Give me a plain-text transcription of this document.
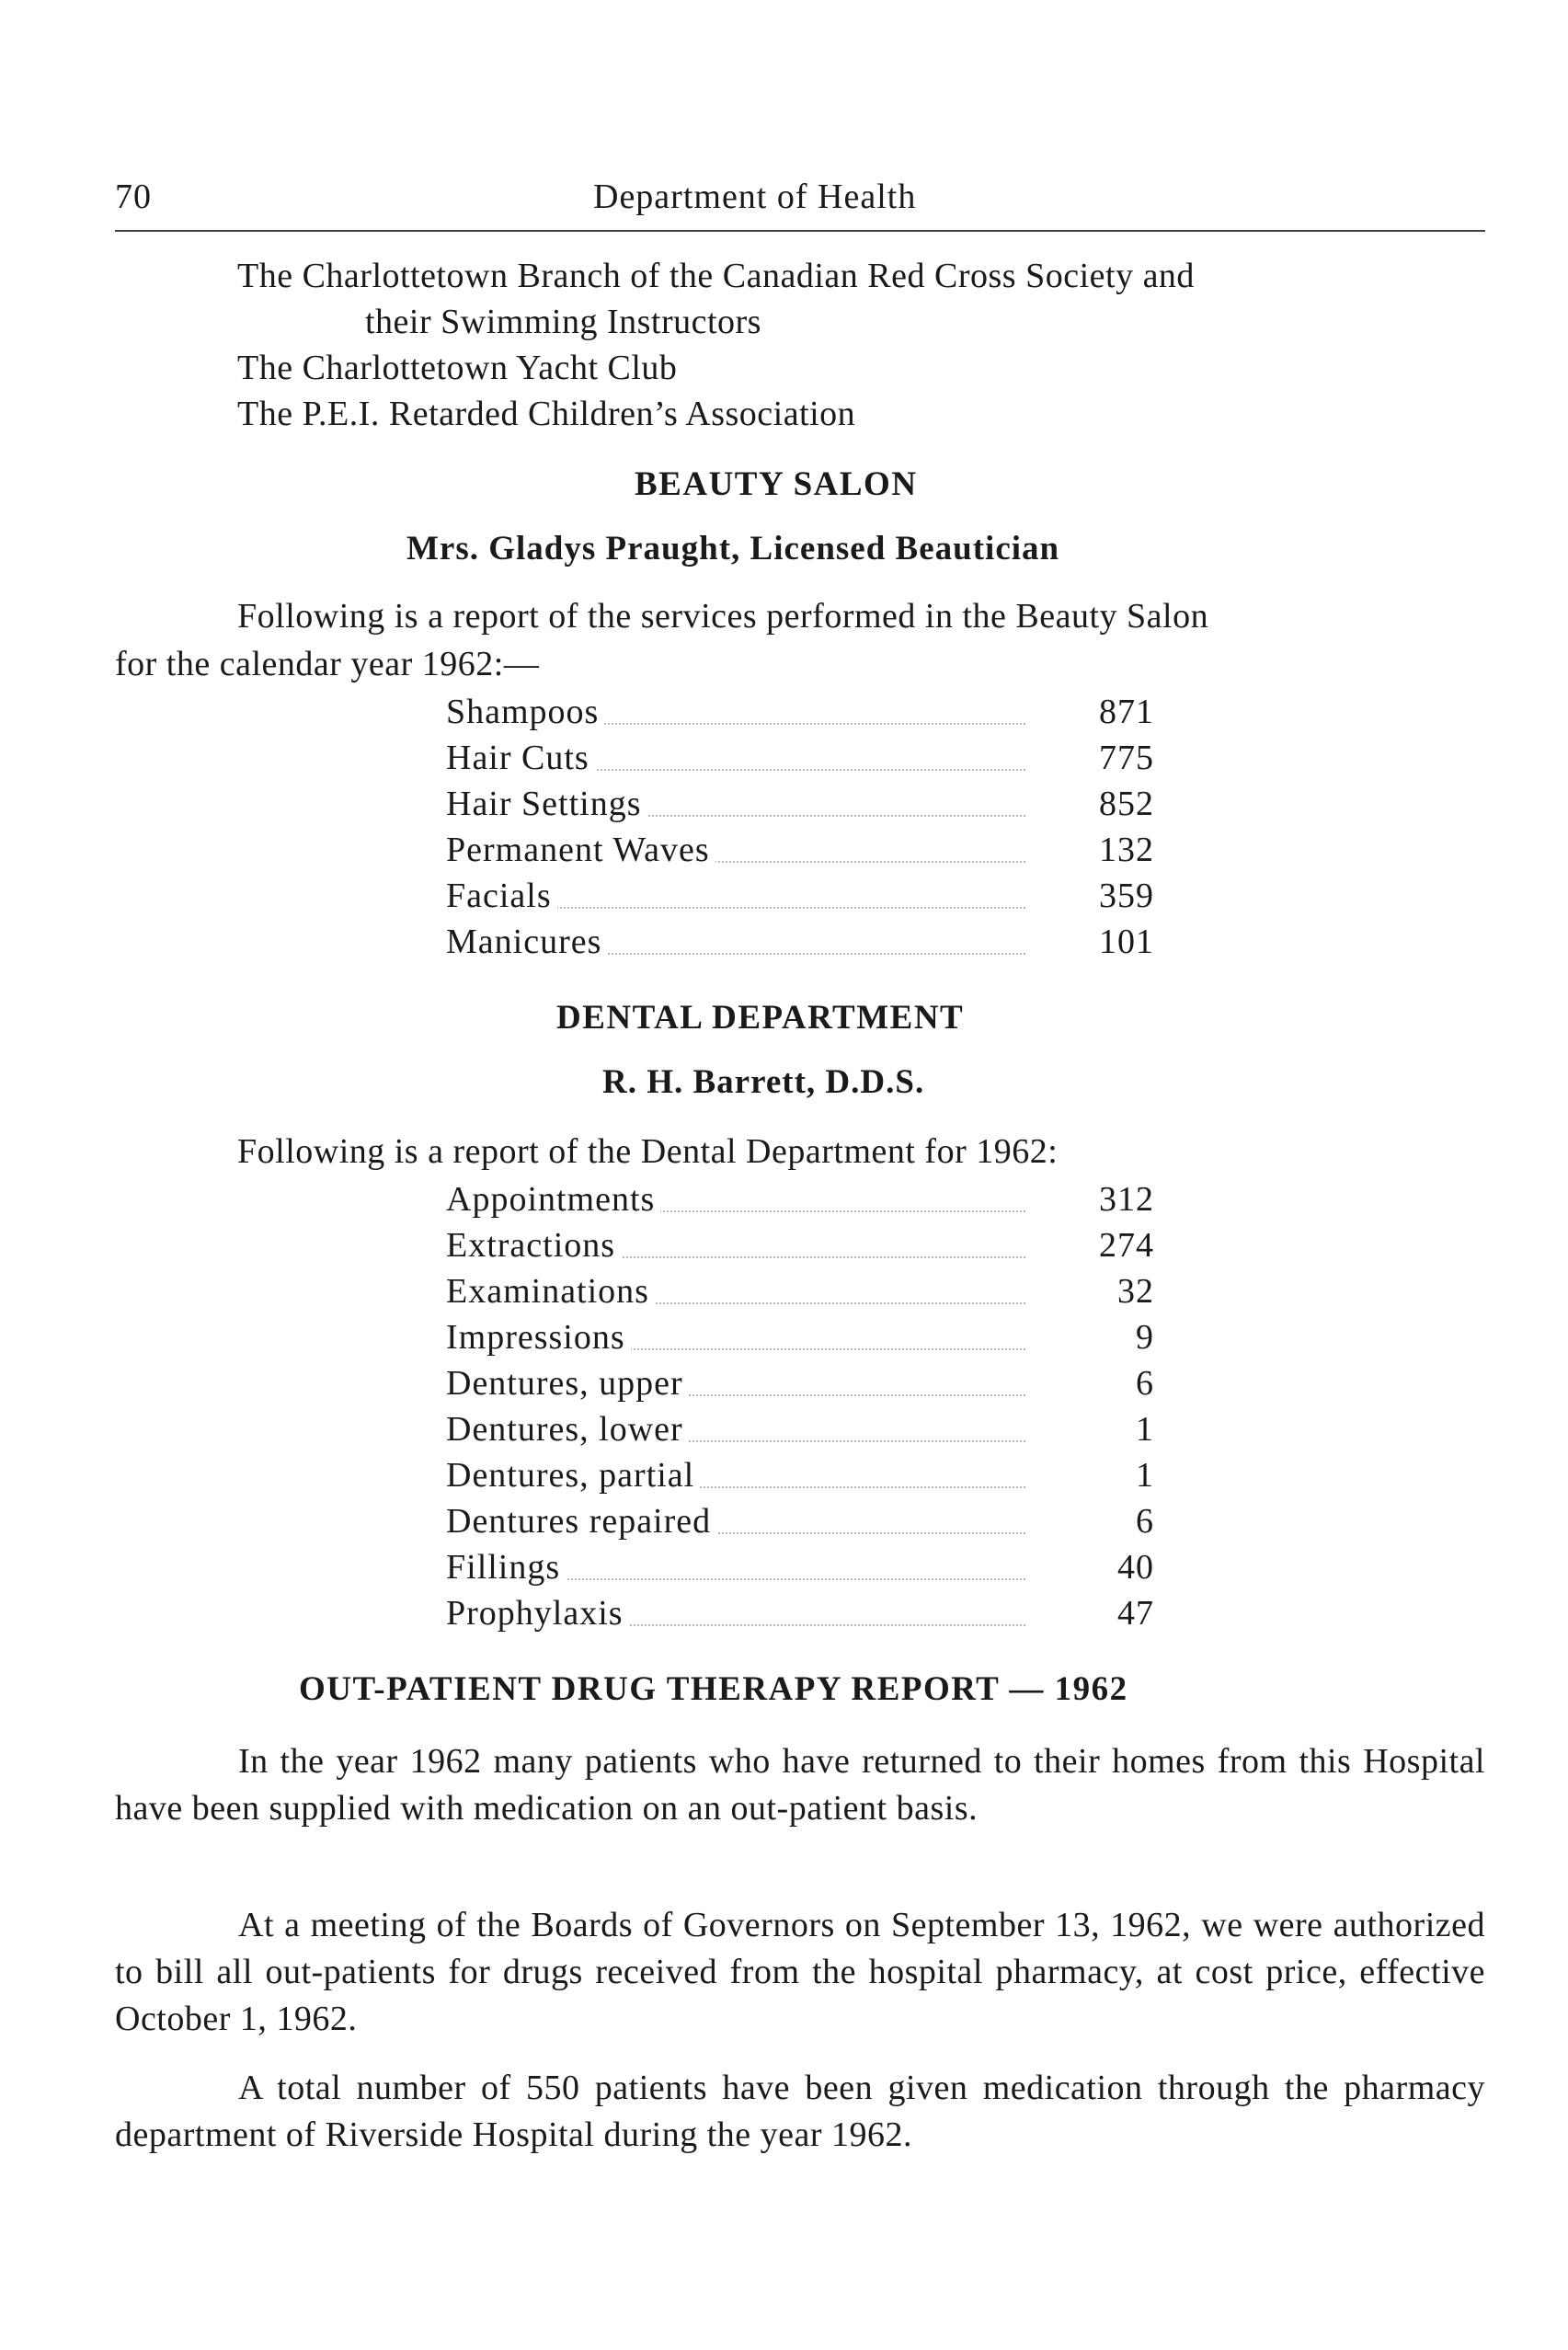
70	Department of Health
The Charlottetown Branch of the Canadian Red Cross Society and
their Swimming Instructors
The Charlottetown Yacht Club
The P.E.I. Retarded Children’s Association
BEAUTY SALON
Mrs. Gladys Praught, Licensed Beautician
Following is a report of the services performed in the Beauty Salon
for the calendar year 1962:—
Shampoos	871
Hair Cuts	775
Hair Settings	852
Permanent Waves	132
Facials	359
Manicures	101
DENTAL DEPARTMENT
R. H. Barrett, D.D.S.
Following is a report of the Dental Department for 1962:
Appointments	312
Extractions	274
Examinations	32
Impressions	9
Dentures, upper	6
Dentures, lower	1
Dentures, partial	1
Dentures repaired	6
Fillings	40
Prophylaxis	47
OUT-PATIENT DRUG THERAPY REPORT — 1962
In the year 1962 many patients who have returned to their homes from this Hospital have been supplied with medication on an out-patient basis.
At a meeting of the Boards of Governors on September 13, 1962, we were authorized to bill all out-patients for drugs received from the hospital pharmacy, at cost price, effective October 1, 1962.
A total number of 550 patients have been given medication through the pharmacy department of Riverside Hospital during the year 1962.
